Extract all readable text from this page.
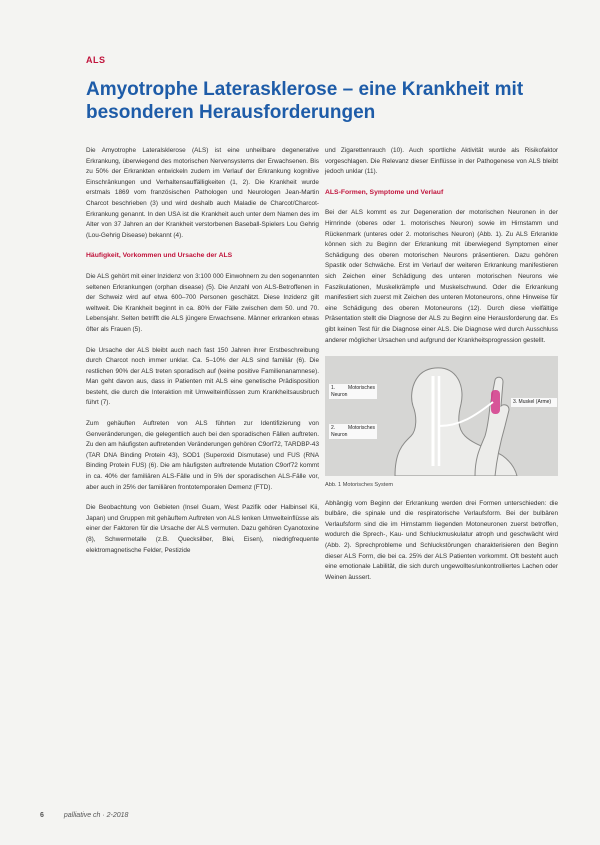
ALS
Amyotrophe Laterasklerose – eine Krankheit mit besonderen Herausforderungen

Die Amyotrophe Lateralsklerose (ALS) ist eine unheilbare degenerative Erkrankung, überwiegend des motorischen Nervensystems der Erwachsenen. Bis zu 50% der Erkrankten entwickeln zudem im Verlauf der Erkrankung kognitive Einschränkungen und Verhaltensauffälligkeiten (1, 2). Die Krankheit wurde erstmals 1869 vom französischen Pathologen und Neurologen Jean-Martin Charcot beschrieben (3) und wird deshalb auch Maladie de Charcot/Charcot-Erkrankung genannt. In den USA ist die Krankheit auch unter dem Namen des im Alter von 37 Jahren an der Krankheit verstorbenen Baseball-Spielers Lou Gehrig (Lou-Gehrig Disease) bekannt (4).

Häufigkeit, Vorkommen und Ursache der ALS

Die ALS gehört mit einer Inzidenz von 3:100 000 Einwohnern zu den sogenannten seltenen Erkrankungen (orphan disease) (5). Die Anzahl von ALS-Betroffenen in der Schweiz wird auf etwa 600–700 Personen geschätzt. Diese Inzidenz gilt weltweit. Die Krankheit beginnt in ca. 80% der Fälle zwischen dem 50. und 70. Lebensjahr. Selten betrifft die ALS jüngere Erwachsene. Männer erkranken etwas öfter als Frauen (5).

Die Ursache der ALS bleibt auch nach fast 150 Jahren ihrer Erstbeschreibung durch Charcot noch immer unklar. Ca. 5–10% der ALS sind familiär (6). Die restlichen 90% der ALS treten sporadisch auf (keine positive Familienanamnese). Man geht davon aus, dass in Patienten mit ALS eine genetische Prädisposition besteht, die durch die Interaktion mit Umwelteinflüssen zum Krankheitsausbruch führt (7).

Zum gehäuften Auftreten von ALS führten zur Identifizierung von Genveränderungen, die gelegentlich auch bei den sporadischen Fällen auftreten. Zu den am häufigsten auftretenden Veränderungen gehören C9orf72, TARDBP-43 (TAR DNA Binding Protein 43), SOD1 (Superoxid Dismutase) und FUS (RNA Binding Protein FUS) (6). Die am häufigsten auftretende Mutation C9orf72 kommt in ca. 40% der familiären ALS-Fälle und in 5% der sporadischen ALS-Fälle vor, aber auch in 25% der familiären frontotemporalen Demenz (FTD).

Die Beobachtung von Gebieten (Insel Guam, West Pazifik oder Halbinsel Kii, Japan) und Gruppen mit gehäuftem Auftreten von ALS lenken Umwelteinflüsse als einer der Faktoren für die Ursache der ALS vermuten. Dazu gehören Cyanotoxine (8), Schwermetalle (z.B. Quecksilber, Blei, Eisen), niedrigfrequente elektromagnetische Felder, Pestizide

und Zigarettenrauch (10). Auch sportliche Aktivität wurde als Risikofaktor vorgeschlagen. Die Relevanz dieser Einflüsse in der Pathogenese von ALS bleibt jedoch unklar (11).

ALS-Formen, Symptome und Verlauf

Bei der ALS kommt es zur Degeneration der motorischen Neuronen in der Hirnrinde (oberes oder 1. motorisches Neuron) sowie im Hirnstamm und Rückenmark (unteres oder 2. motorisches Neuron) (Abb. 1). Zu ALS Erkrankte können sich zu Beginn der Erkrankung mit überwiegend Symptomen einer Schädigung des oberen motorischen Neurons präsentieren. Dazu gehören Spastik oder Schwäche. Erst im Verlauf der weiteren Erkrankung manifestieren sich Zeichen einer Schädigung des unteren motorischen Neurons wie Faszikulationen, Muskelkrämpfe und Muskelschwund. Oder die Erkrankung manifestiert sich zuerst mit Zeichen des unteren Motoneurons, ohne Hinweise für eine Schädigung des oberen Motoneurons (12). Durch diese vielfältige Präsentation stellt die Diagnose der ALS zu Beginn eine Herausforderung dar. Es gibt keinen Test für die Diagnose einer ALS. Die Diagnose wird durch Ausschluss anderer möglicher Ursachen und aufgrund der Krankheitsprogression gestellt.

1. Motorisches Neuron
2. Motorisches Neuron
3. Muskel (Arme)
Abb. 1 Motorisches System

Abhängig vom Beginn der Erkrankung werden drei Formen unterschieden: die bulbäre, die spinale und die respiratorische Verlaufsform. Bei der bulbären Verlaufsform sind die im Hirnstamm liegenden Motoneuronen zuerst betroffen, wodurch die Sprech-, Kau- und Schluckmuskulatur atroph und geschwächt wird (Abb. 2). Sprechprobleme und Schluckstörungen charakterisieren den Beginn dieser ALS Form, die bei ca. 25% der ALS Patienten vorkommt. Oft besteht auch eine emotionale Labilität, die sich durch ungewolltes/unkontrolliertes Lachen oder Weinen äussert.

6	palliative ch · 2-2018
